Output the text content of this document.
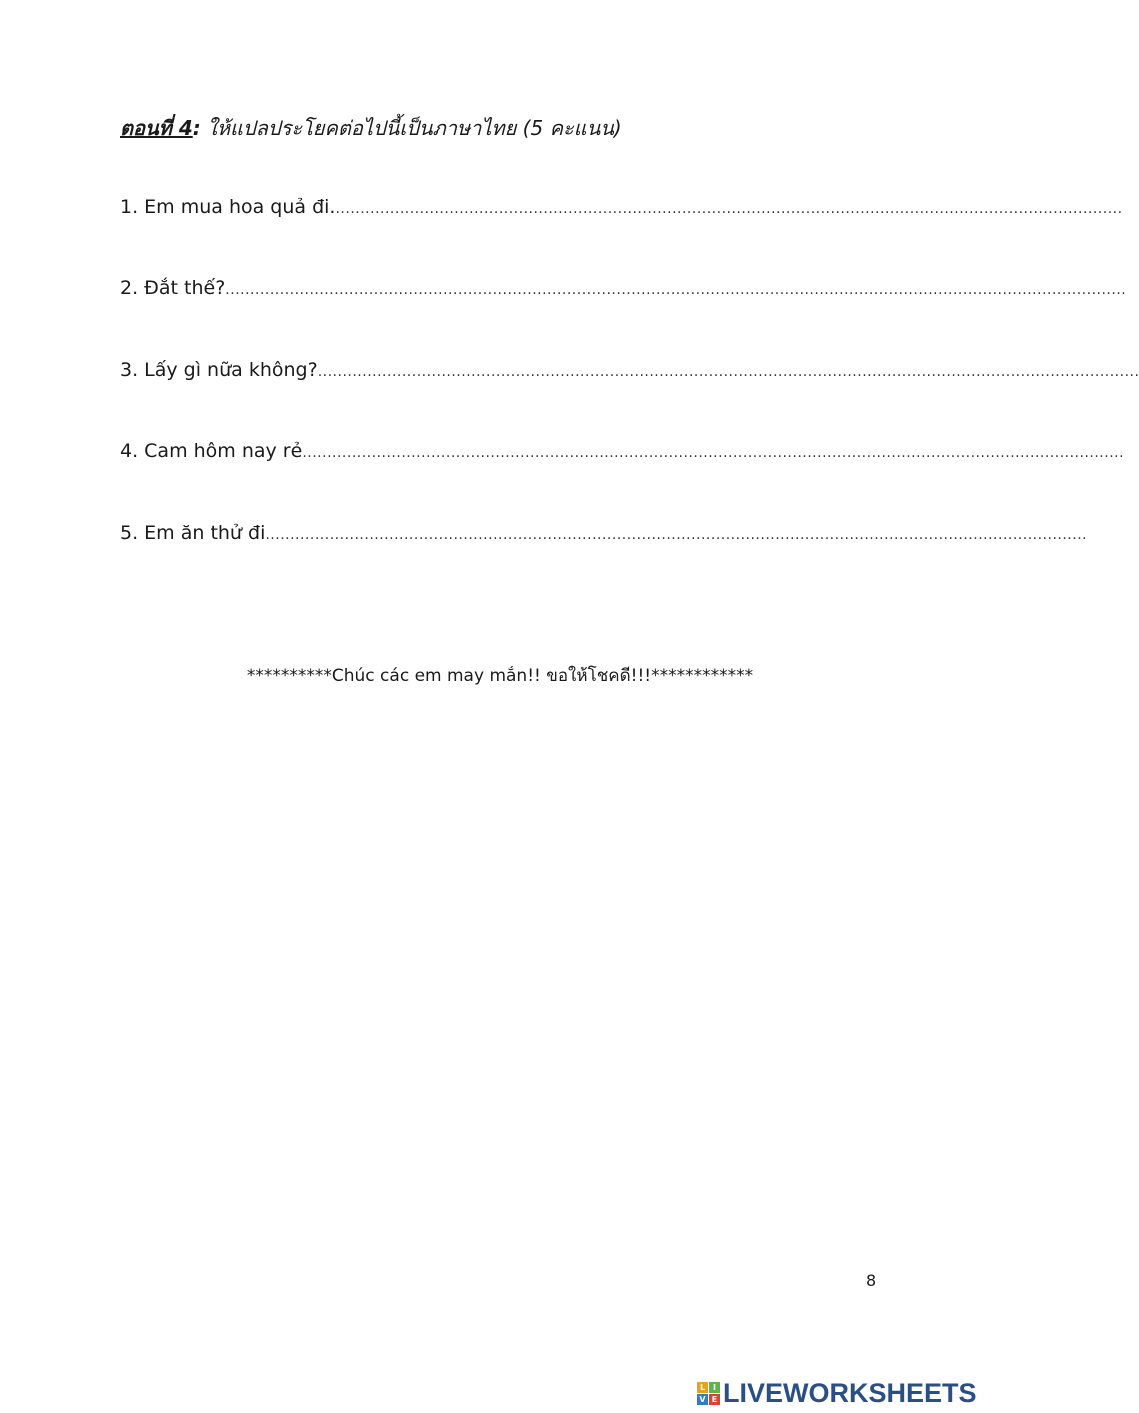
ตอนที่ 4: ให้แปลประโยคต่อไปนี้เป็นภาษาไทย (5 คะแนน)
1. Em mua hoa quả đi. ...............................................................................................................................................................
2. Đắt thế? ......................................................................................................................................................................................
3. Lấy gì nữa không? ......................................................................................................................................................................
4. Cam hôm nay rẻ ......................................................................................................................................................................
5. Em ăn thử đi ......................................................................................................................................................................
**********Chúc các em may mắn!! ขอให้โชคดี!!!************
8
L I
V E LIVEWORKSHEETS
